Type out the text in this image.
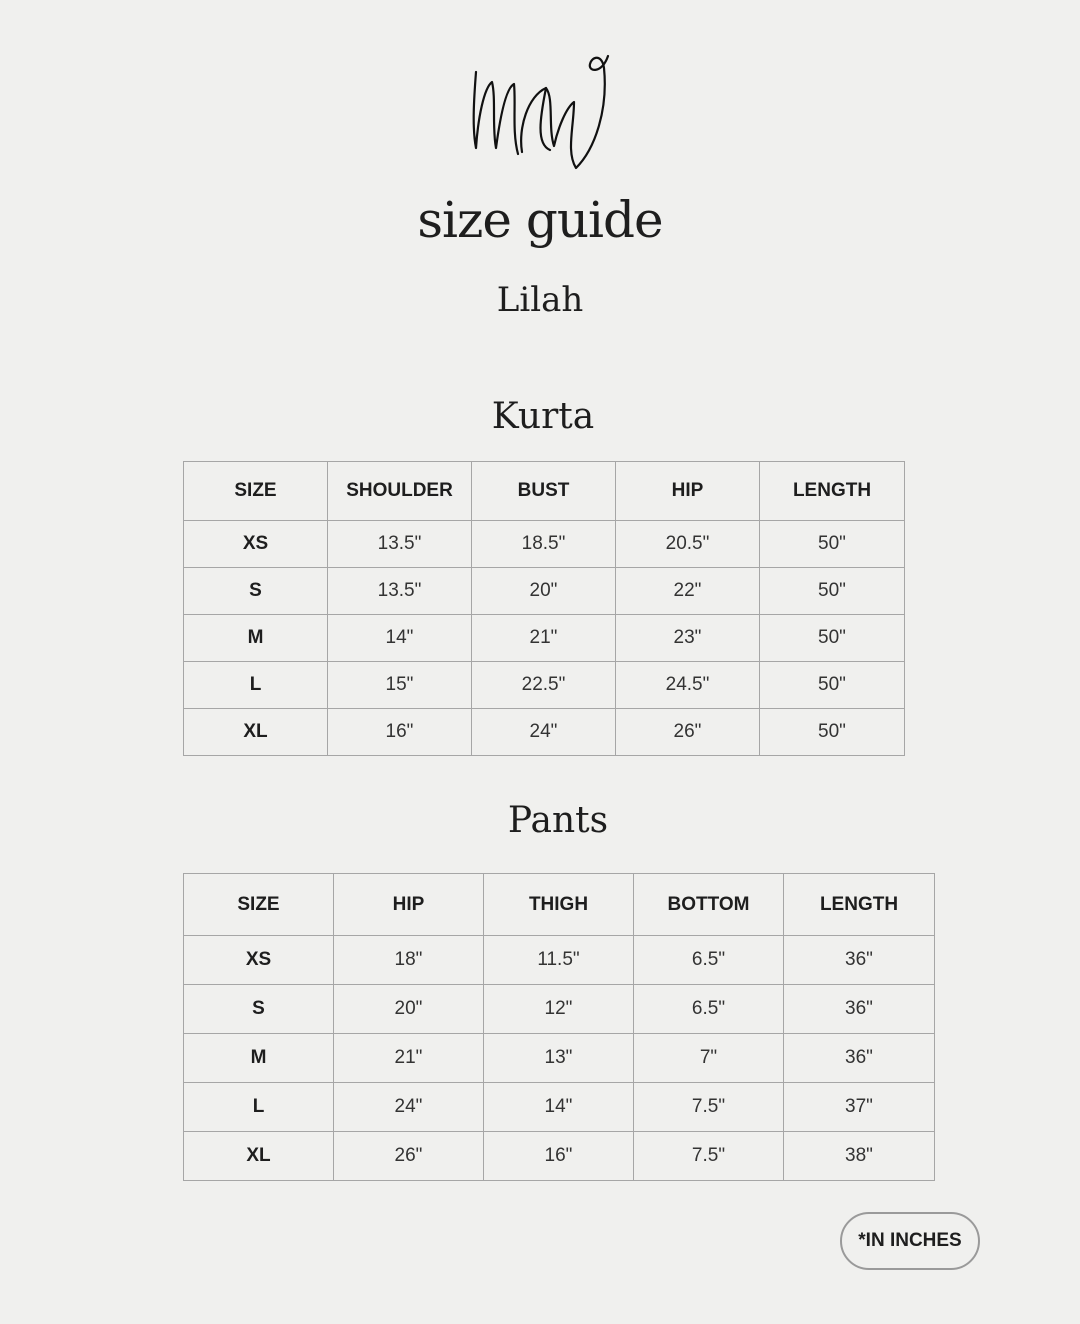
size guide
Lilah
Kurta
SIZE	SHOULDER	BUST	HIP	LENGTH
XS	13.5"	18.5"	20.5"	50"
S	13.5"	20"	22"	50"
M	14"	21"	23"	50"
L	15"	22.5"	24.5"	50"
XL	16"	24"	26"	50"
Pants
SIZE	HIP	THIGH	BOTTOM	LENGTH
XS	18"	11.5"	6.5"	36"
S	20"	12"	6.5"	36"
M	21"	13"	7"	36"
L	24"	14"	7.5"	37"
XL	26"	16"	7.5"	38"
*IN INCHES
